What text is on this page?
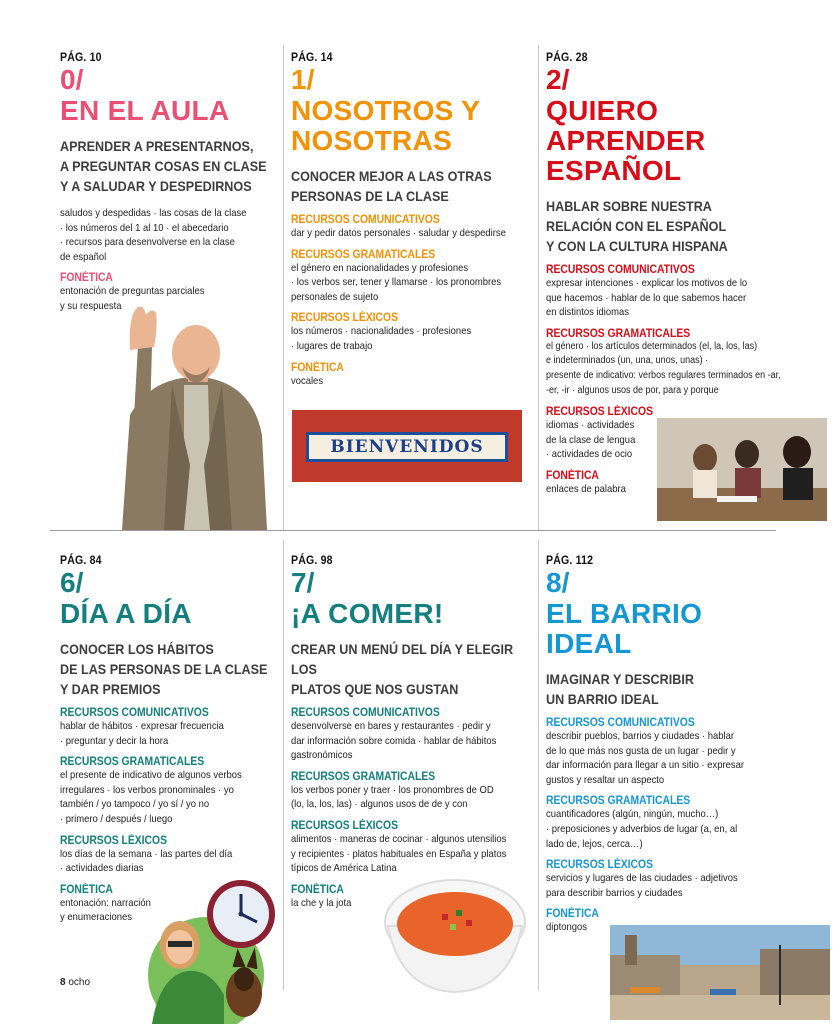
PÁG. 10
0/
EN EL AULA
APRENDER A PRESENTARNOS,
A PREGUNTAR COSAS EN CLASE
Y A SALUDAR Y DESPEDIRNOS
saludos y despedidas · las cosas de la clase
· los números del 1 al 10 · el abecedario
· recursos para desenvolverse en la clase
de español
FONÉTICA
entonación de preguntas parciales
y su respuesta
PÁG. 14
1/
NOSOTROS Y
NOSOTRAS
CONOCER MEJOR A LAS OTRAS
PERSONAS DE LA CLASE
RECURSOS COMUNICATIVOS
dar y pedir datos personales · saludar y despedirse
RECURSOS GRAMATICALES
el género en nacionalidades y profesiones
· los verbos ser, tener y llamarse · los pronombres
personales de sujeto
RECURSOS LÉXICOS
los números · nacionalidades · profesiones
· lugares de trabajo
FONÉTICA
vocales
BIENVENIDOS
PÁG. 28
2/
QUIERO
APRENDER
ESPAÑOL
HABLAR SOBRE NUESTRA
RELACIÓN CON EL ESPAÑOL
Y CON LA CULTURA HISPANA
RECURSOS COMUNICATIVOS
expresar intenciones · explicar los motivos de lo
que hacemos · hablar de lo que sabemos hacer
en distintos idiomas
RECURSOS GRAMATICALES
el género · los artículos determinados (el, la, los, las)
e indeterminados (un, una, unos, unas) ·
presente de indicativo: verbos regulares terminados en -ar,
-er, -ir · algunos usos de por, para y porque
RECURSOS LÉXICOS
idiomas · actividades
de la clase de lengua
· actividades de ocio
FONÉTICA
enlaces de palabra
PÁG. 84
6/
DÍA A DÍA
CONOCER LOS HÁBITOS
DE LAS PERSONAS DE LA CLASE
Y DAR PREMIOS
RECURSOS COMUNICATIVOS
hablar de hábitos · expresar frecuencia
· preguntar y decir la hora
RECURSOS GRAMATICALES
el presente de indicativo de algunos verbos
irregulares · los verbos pronominales · yo
también / yo tampoco / yo sí / yo no
· primero / después / luego
RECURSOS LÉXICOS
los días de la semana · las partes del día
· actividades diarias
FONÉTICA
entonación: narración
y enumeraciones
PÁG. 98
7/
¡A COMER!
CREAR UN MENÚ DEL DÍA Y ELEGIR LOS
PLATOS QUE NOS GUSTAN
RECURSOS COMUNICATIVOS
desenvolverse en bares y restaurantes · pedir y
dar información sobre comida · hablar de hábitos
gastronómicos
RECURSOS GRAMATICALES
los verbos poner y traer · los pronombres de OD
(lo, la, los, las) · algunos usos de de y con
RECURSOS LÉXICOS
alimentos · maneras de cocinar · algunos utensilios
y recipientes · platos habituales en España y platos
típicos de América Latina
FONÉTICA
la che y la jota
PÁG. 112
8/
EL BARRIO
IDEAL
IMAGINAR Y DESCRIBIR
UN BARRIO IDEAL
RECURSOS COMUNICATIVOS
describir pueblos, barrios y ciudades · hablar
de lo que más nos gusta de un lugar · pedir y
dar información para llegar a un sitio · expresar
gustos y resaltar un aspecto
RECURSOS GRAMATICALES
cuantificadores (algún, ningún, mucho…)
· preposiciones y adverbios de lugar (a, en, al
lado de, lejos, cerca…)
RECURSOS LÉXICOS
servicios y lugares de las ciudades · adjetivos
para describir barrios y ciudades
FONÉTICA
diptongos
8 ocho
